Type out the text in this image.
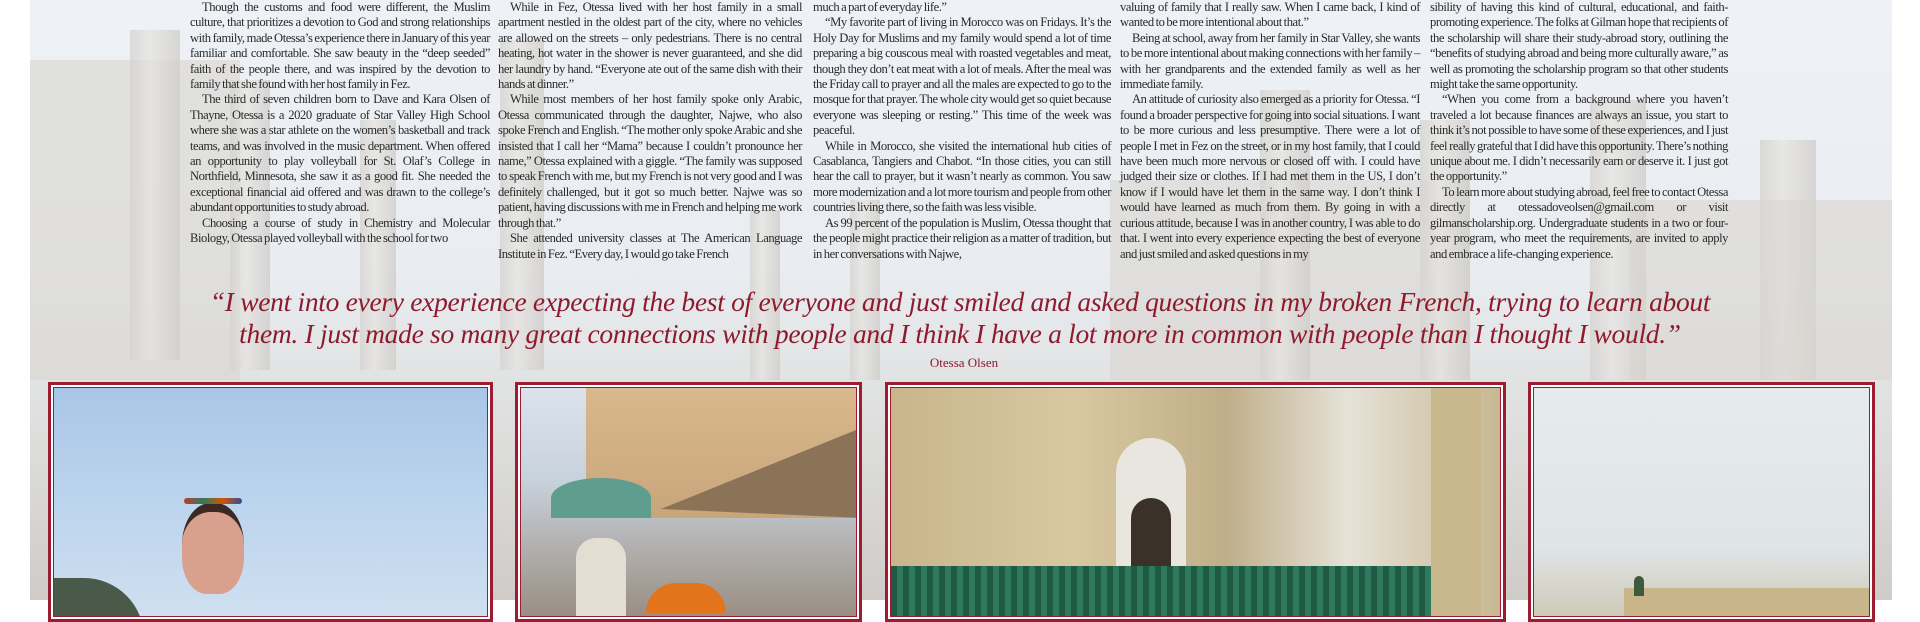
Though the customs and food were different, the Muslim culture, that prioritizes a devotion to God and strong relationships with family, made Otessa’s experience there in January of this year familiar and comfortable. She saw beauty in the “deep seeded” faith of the people there, and was inspired by the devotion to family that she found with her host family in Fez.

The third of seven children born to Dave and Kara Olsen of Thayne, Otessa is a 2020 graduate of Star Valley High School where she was a star athlete on the women’s basketball and track teams, and was involved in the music department. When offered an opportunity to play volleyball for St. Olaf’s College in Northfield, Minnesota, she saw it as a good fit. She needed the exceptional financial aid offered and was drawn to the college’s abundant opportunities to study abroad.

Choosing a course of study in Chemistry and Molecular Biology, Otessa played volleyball with the school for two

While in Fez, Otessa lived with her host family in a small apartment nestled in the oldest part of the city, where no vehicles are allowed on the streets – only pedestrians. There is no central heating, hot water in the shower is never guaranteed, and she did her laundry by hand. “Everyone ate out of the same dish with their hands at dinner.”

While most members of her host family spoke only Arabic, Otessa communicated through the daughter, Najwe, who also spoke French and English. “The mother only spoke Arabic and she insisted that I call her “Mama” because I couldn’t pronounce her name,” Otessa explained with a giggle. “The family was supposed to speak French with me, but my French is not very good and I was definitely challenged, but it got so much better. Najwe was so patient, having discussions with me in French and helping me work through that.”

She attended university classes at The American Language Institute in Fez. “Every day, I would go take French

much a part of everyday life.”

“My favorite part of living in Morocco was on Fridays. It’s the Holy Day for Muslims and my family would spend a lot of time preparing a big couscous meal with roasted vegetables and meat, though they don’t eat meat with a lot of meals. After the meal was the Friday call to prayer and all the males are expected to go to the mosque for that prayer. The whole city would get so quiet because everyone was sleeping or resting.” This time of the week was peaceful.

While in Morocco, she visited the international hub cities of Casablanca, Tangiers and Chabot. “In those cities, you can still hear the call to prayer, but it wasn’t nearly as common. You saw more modernization and a lot more tourism and people from other countries living there, so the faith was less visible.

As 99 percent of the population is Muslim, Otessa thought that the people might practice their religion as a matter of tradition, but in her conversations with Najwe,

valuing of family that I really saw. When I came back, I kind of wanted to be more intentional about that.”

Being at school, away from her family in Star Valley, she wants to be more intentional about making connections with her family – with her grandparents and the extended family as well as her immediate family.

An attitude of curiosity also emerged as a priority for Otessa. “I found a broader perspective for going into social situations. I want to be more curious and less presumptive. There were a lot of people I met in Fez on the street, or in my host family, that I could have been much more nervous or closed off with. I could have judged their size or clothes. If I had met them in the US, I don’t know if I would have let them in the same way. I don’t think I would have learned as much from them. By going in with a curious attitude, because I was in another country, I was able to do that. I went into every experience expecting the best of everyone and just smiled and asked questions in my

sibility of having this kind of cultural, educational, and faith-promoting experience. The folks at Gilman hope that recipients of the scholarship will share their study-abroad story, outlining the “benefits of studying abroad and being more culturally aware,” as well as promoting the scholarship program so that other students might take the same opportunity.

“When you come from a background where you haven’t traveled a lot because finances are always an issue, you start to think it’s not possible to have some of these experiences, and I just feel really grateful that I did have this opportunity. There’s nothing unique about me. I didn’t necessarily earn or deserve it. I just got the opportunity.”

To learn more about studying abroad, feel free to contact Otessa directly at otessadoveolsen@gmail.com or visit gilmanscholarship.org. Undergraduate students in a two or four-year program, who meet the requirements, are invited to apply and embrace a life-changing experience.

“I went into every experience expecting the best of everyone and just smiled and asked questions in my broken French, trying to learn about
them. I just made so many great connections with people and I think I have a lot more in common with people than I thought I would.”
Otessa Olsen
